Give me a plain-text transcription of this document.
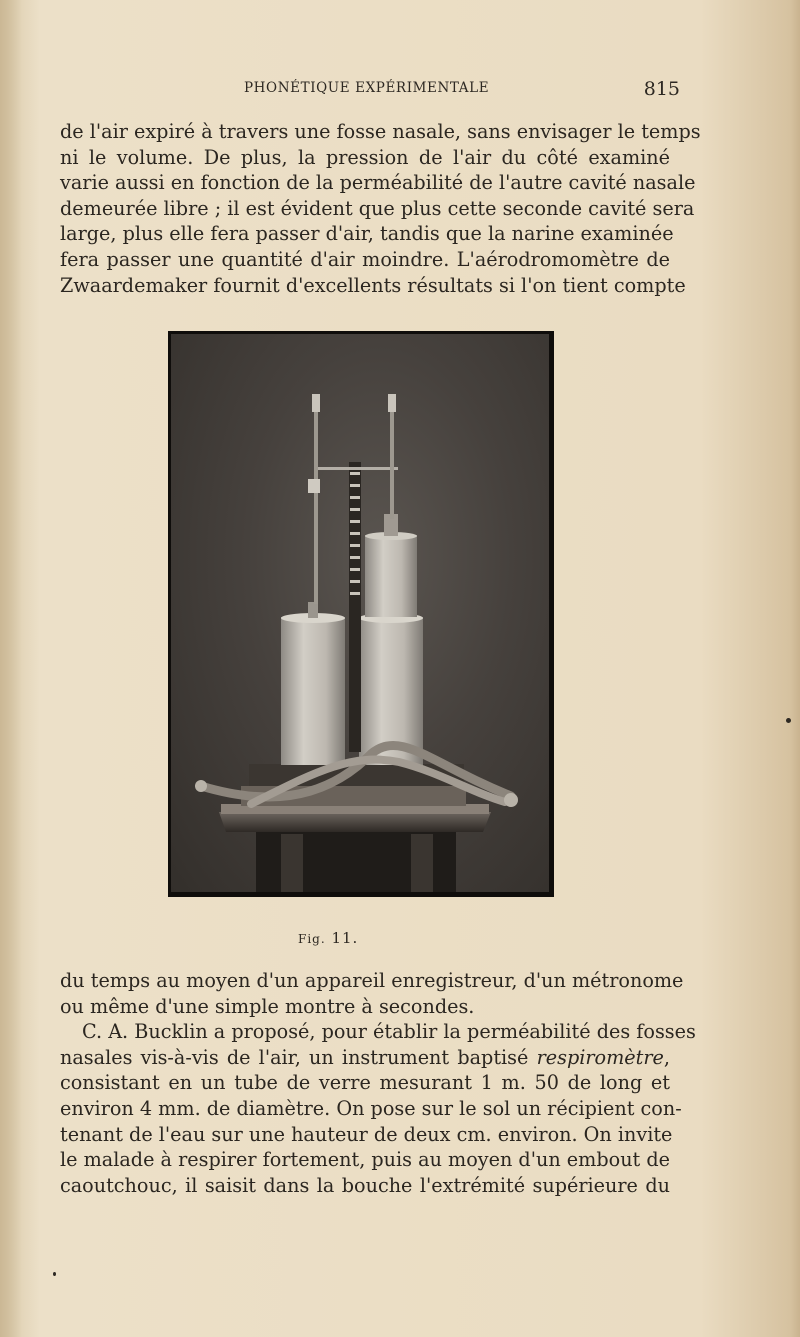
PHONÉTIQUE EXPÉRIMENTALE	815
de l'air expiré à travers une fosse nasale, sans envisager le temps
ni le volume. De plus, la pression de l'air du côté examiné
varie aussi en fonction de la perméabilité de l'autre cavité nasale
demeurée libre ; il est évident que plus cette seconde cavité sera
large, plus elle fera passer d'air, tandis que la narine examinée
fera passer une quantité d'air moindre. L'aérodromomètre de
Zwaardemaker fournit d'excellents résultats si l'on tient compte
Fig. 11.
du temps au moyen d'un appareil enregistreur, d'un métronome
ou même d'une simple montre à secondes.
C. A. Bucklin a proposé, pour établir la perméabilité des fosses
nasales vis-à-vis de l'air, un instrument baptisé respiromètre,
consistant en un tube de verre mesurant 1 m. 50 de long et
environ 4 mm. de diamètre. On pose sur le sol un récipient con-
tenant de l'eau sur une hauteur de deux cm. environ. On invite
le malade à respirer fortement, puis au moyen d'un embout de
caoutchouc, il saisit dans la bouche l'extrémité supérieure du
